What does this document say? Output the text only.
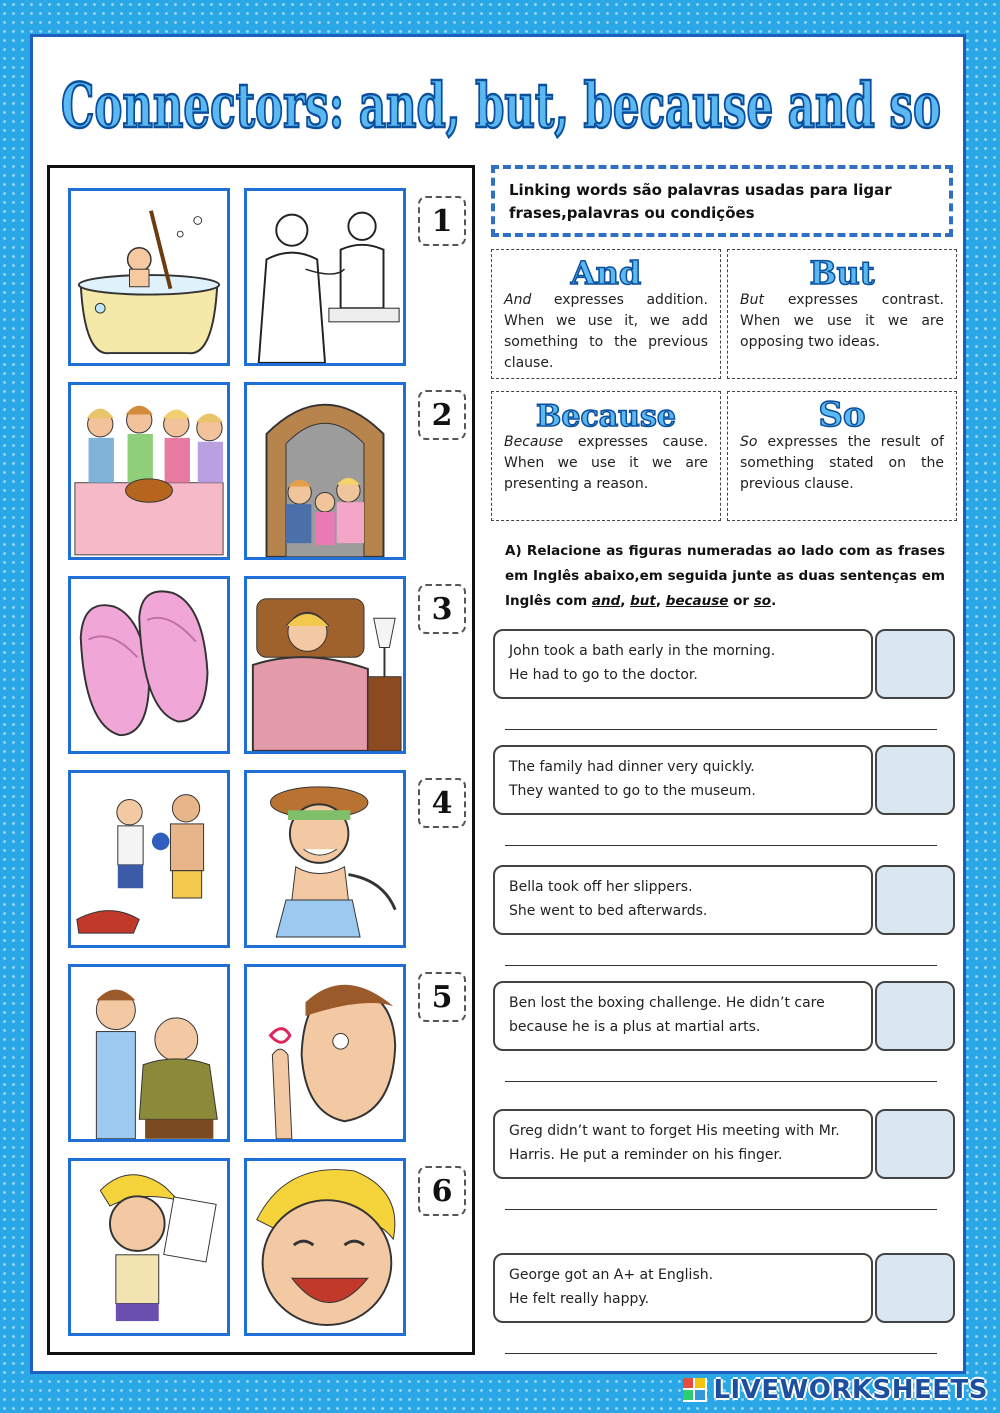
Connectors: and, but, because and so
1
2
3
4
5
6
Linking words são palavras usadas para ligar frases,palavras ou condições
And
And expresses addition. When we use it, we add something to the previous clause.
But
But expresses contrast. When we use it we are opposing two ideas.
Because
Because expresses cause. When we use it we are presenting a reason.
So
So expresses the result of something stated on the previous clause.
A) Relacione as figuras numeradas ao lado com as frases em Inglês abaixo,em seguida junte as duas sentenças em Inglês com and, but, because or so.
John took a bath early in the morning.
He had to go to the doctor.
The family had dinner very quickly.
They wanted to go to the museum.
Bella took off her slippers.
She went to bed afterwards.
Ben lost the boxing challenge. He didn’t care
because he is a plus at martial arts.
Greg didn’t want to forget His meeting with Mr.
Harris. He put a reminder on his finger.
George got an A+ at English.
He felt really happy.
LIVEWORKSHEETS
